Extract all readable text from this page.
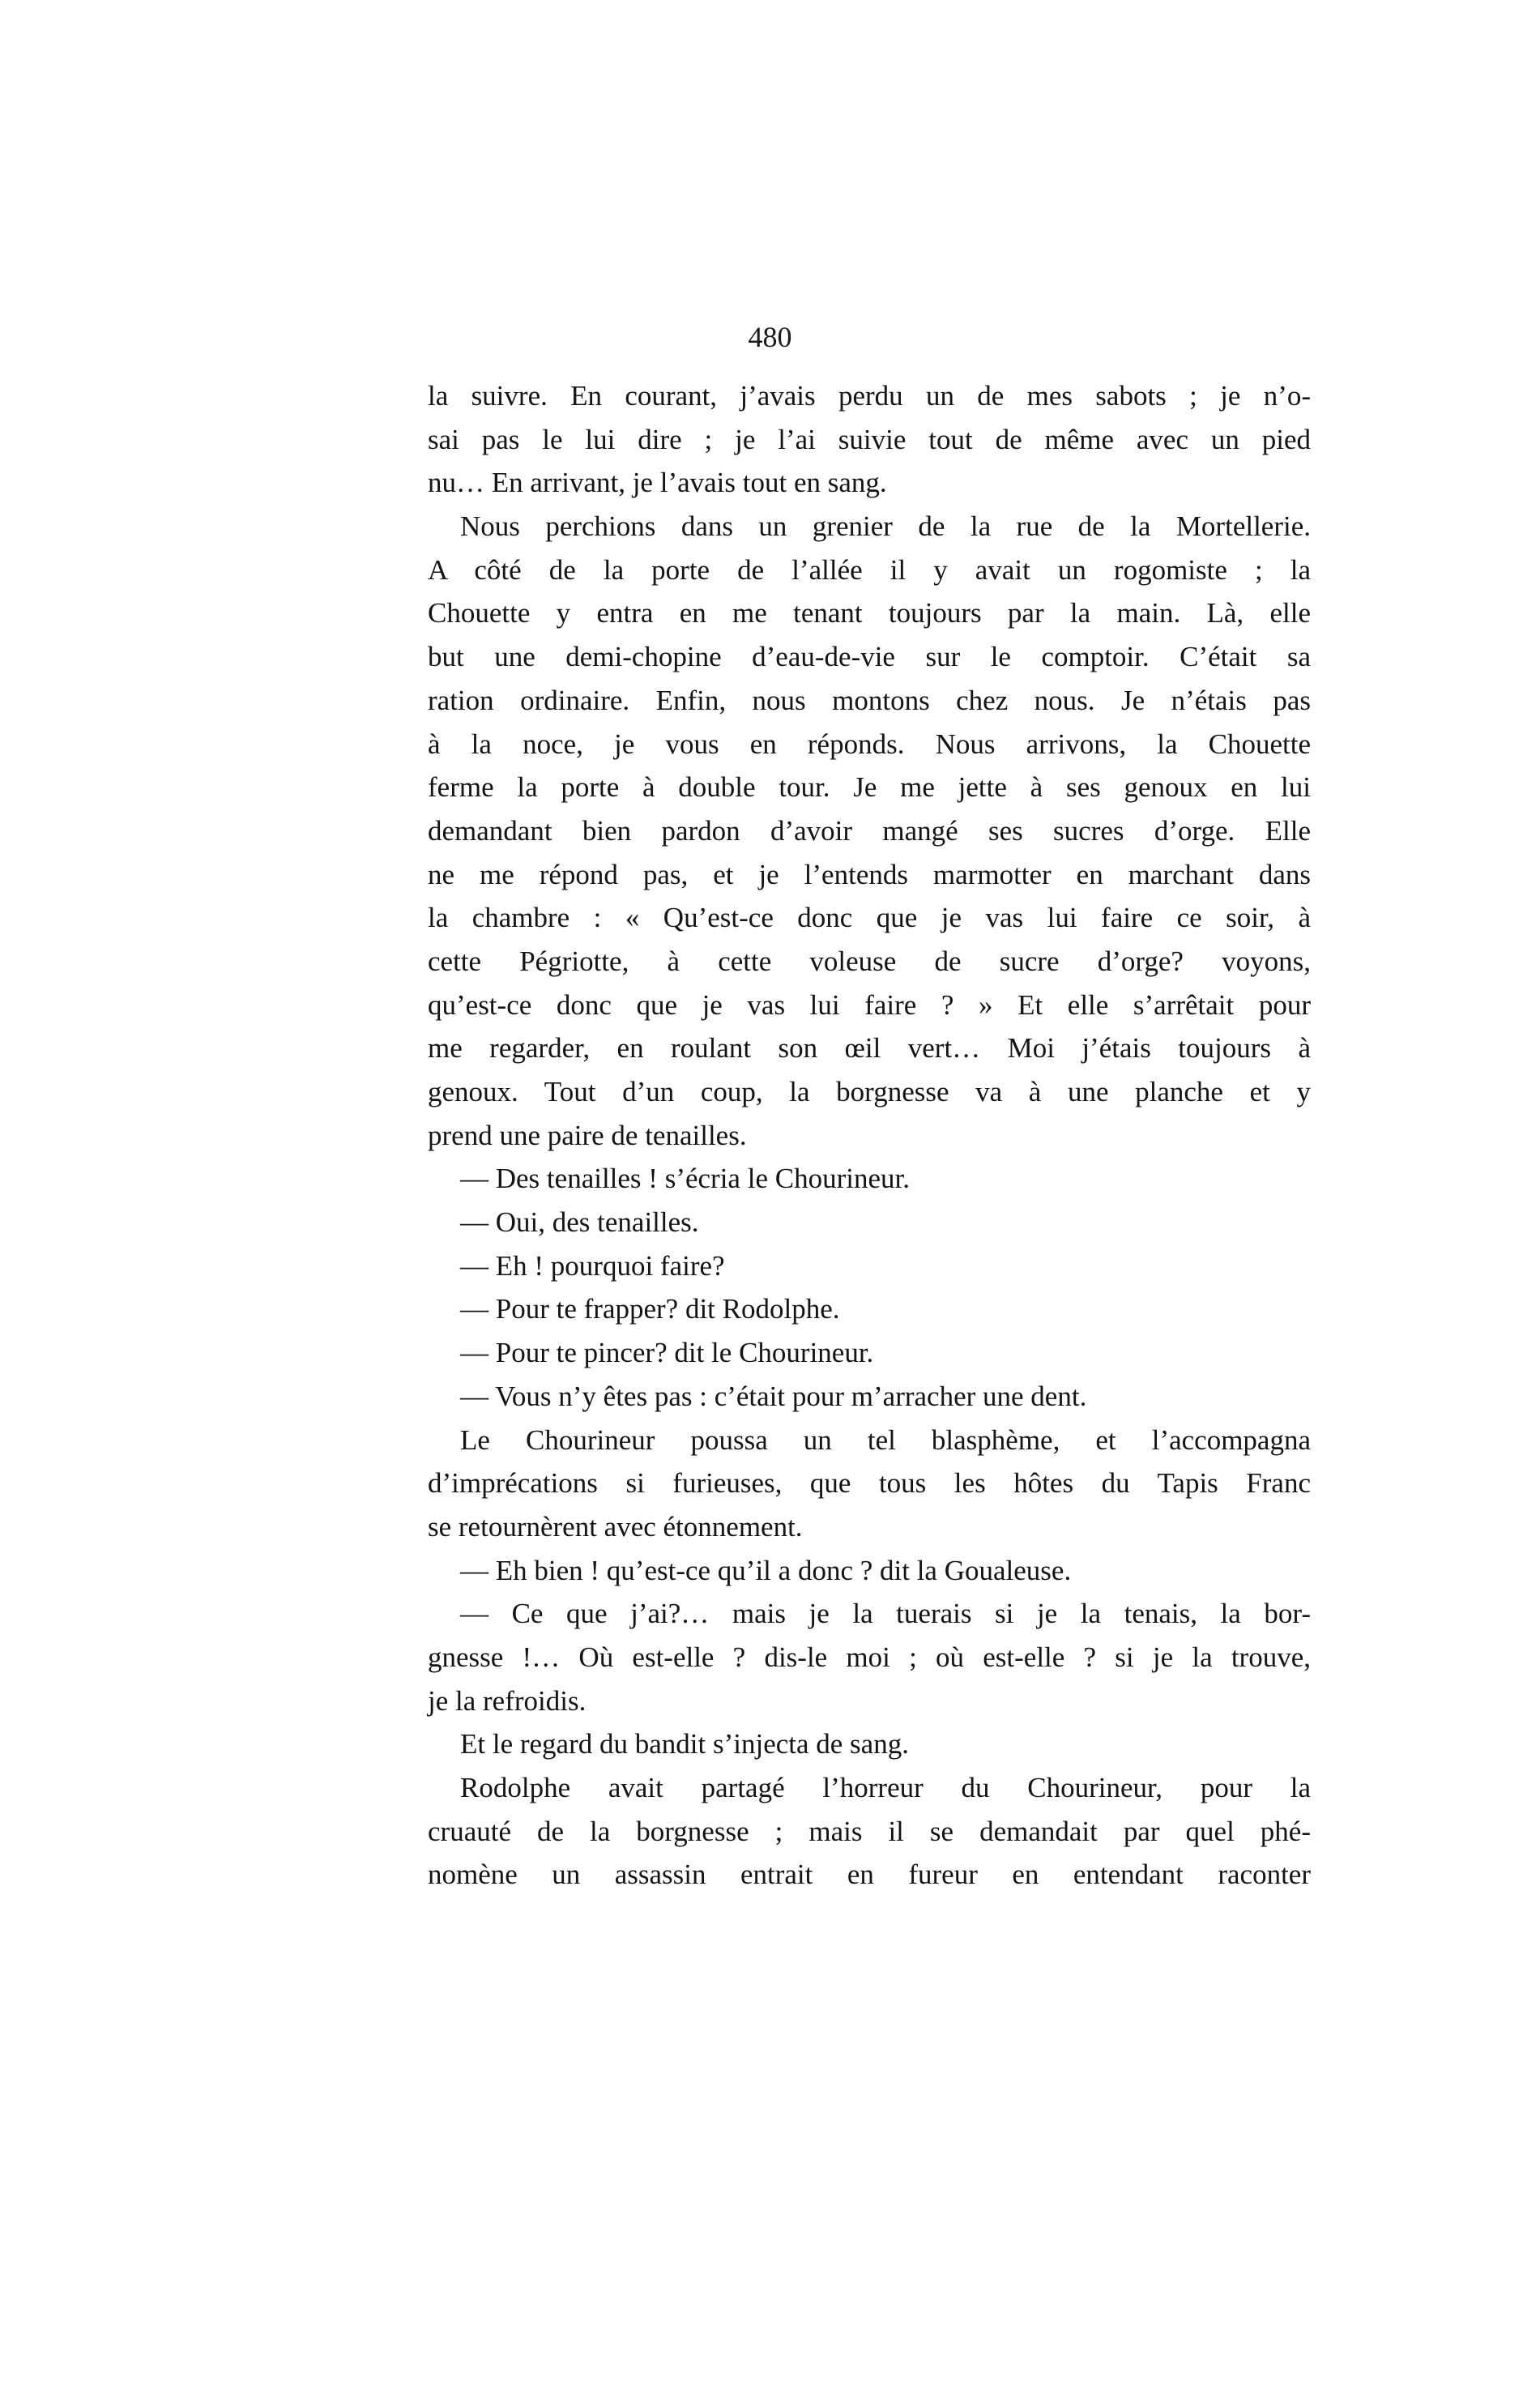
480
la suivre. En courant, j’avais perdu un de mes sabots ; je n’o-
sai pas le lui dire ; je l’ai suivie tout de même avec un pied
nu… En arrivant, je l’avais tout en sang.
Nous perchions dans un grenier de la rue de la Mortellerie.
A côté de la porte de l’allée il y avait un rogomiste ; la
Chouette y entra en me tenant toujours par la main. Là, elle
but une demi-chopine d’eau-de-vie sur le comptoir. C’était sa
ration ordinaire. Enfin, nous montons chez nous. Je n’étais pas
à la noce, je vous en réponds. Nous arrivons, la Chouette
ferme la porte à double tour. Je me jette à ses genoux en lui
demandant bien pardon d’avoir mangé ses sucres d’orge. Elle
ne me répond pas, et je l’entends marmotter en marchant dans
la chambre : « Qu’est-ce donc que je vas lui faire ce soir, à
cette Pégriotte, à cette voleuse de sucre d’orge? voyons,
qu’est-ce donc que je vas lui faire ? » Et elle s’arrêtait pour
me regarder, en roulant son œil vert… Moi j’étais toujours à
genoux. Tout d’un coup, la borgnesse va à une planche et y
prend une paire de tenailles.
— Des tenailles ! s’écria le Chourineur.
— Oui, des tenailles.
— Eh ! pourquoi faire?
— Pour te frapper? dit Rodolphe.
— Pour te pincer? dit le Chourineur.
— Vous n’y êtes pas : c’était pour m’arracher une dent.
Le Chourineur poussa un tel blasphème, et l’accompagna
d’imprécations si furieuses, que tous les hôtes du Tapis Franc
se retournèrent avec étonnement.
— Eh bien ! qu’est-ce qu’il a donc ? dit la Goualeuse.
— Ce que j’ai?… mais je la tuerais si je la tenais, la bor-
gnesse !… Où est-elle ? dis-le moi ; où est-elle ? si je la trouve,
je la refroidis.
Et le regard du bandit s’injecta de sang.
Rodolphe avait partagé l’horreur du Chourineur, pour la
cruauté de la borgnesse ; mais il se demandait par quel phé-
nomène un assassin entrait en fureur en entendant raconter
